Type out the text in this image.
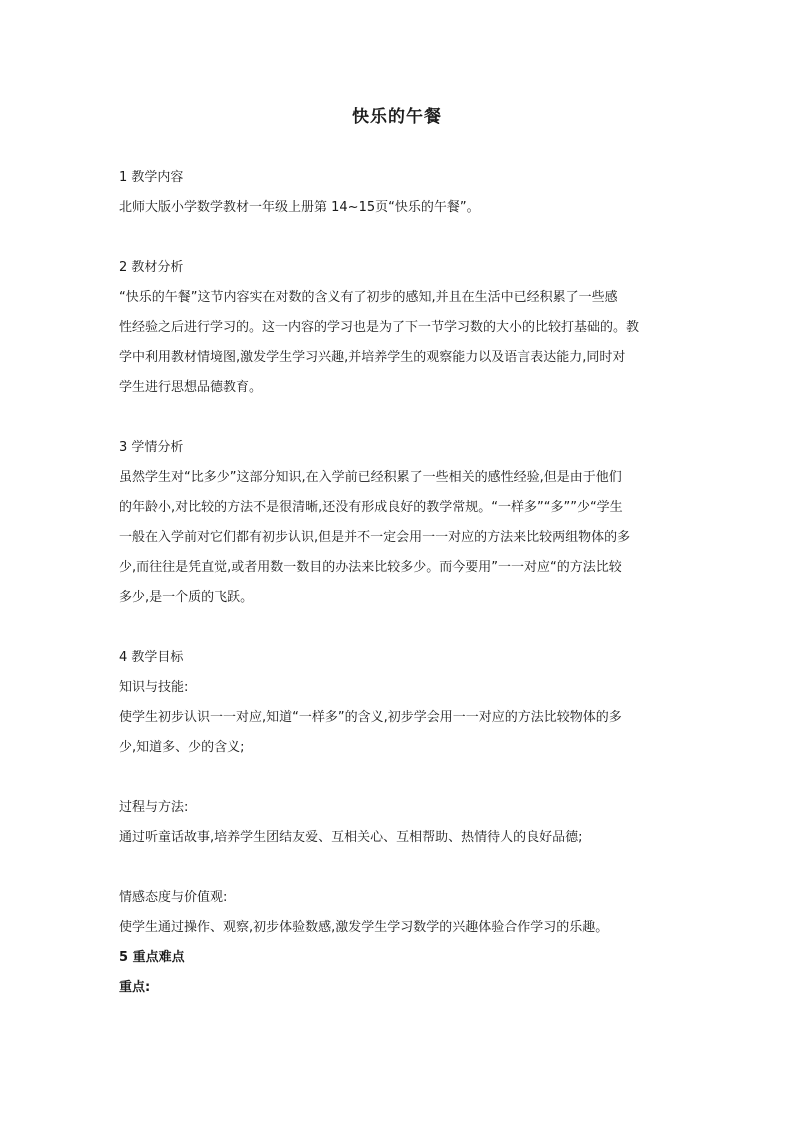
快乐的午餐
1 教学内容
北师大版小学数学教材一年级上册第 14~15页“快乐的午餐”。
2 教材分析
“快乐的午餐”这节内容实在对数的含义有了初步的感知,并且在生活中已经积累了一些感
性经验之后进行学习的。这一内容的学习也是为了下一节学习数的大小的比较打基础的。教
学中利用教材情境图,激发学生学习兴趣,并培养学生的观察能力以及语言表达能力,同时对
学生进行思想品德教育。
3 学情分析
虽然学生对“比多少”这部分知识,在入学前已经积累了一些相关的感性经验,但是由于他们
的年龄小,对比较的方法不是很清晰,还没有形成良好的教学常规。“一样多”“多””少“学生
一般在入学前对它们都有初步认识,但是并不一定会用一一对应的方法来比较两组物体的多
少,而往往是凭直觉,或者用数一数目的办法来比较多少。而今要用”一一对应“的方法比较
多少,是一个质的飞跃。
4 教学目标
知识与技能:
使学生初步认识一一对应,知道“一样多”的含义,初步学会用一一对应的方法比较物体的多
少,知道多、少的含义;
过程与方法:
通过听童话故事,培养学生团结友爱、互相关心、互相帮助、热情待人的良好品德;
情感态度与价值观:
使学生通过操作、观察,初步体验数感,激发学生学习数学的兴趣体验合作学习的乐趣。
5 重点难点
重点:
